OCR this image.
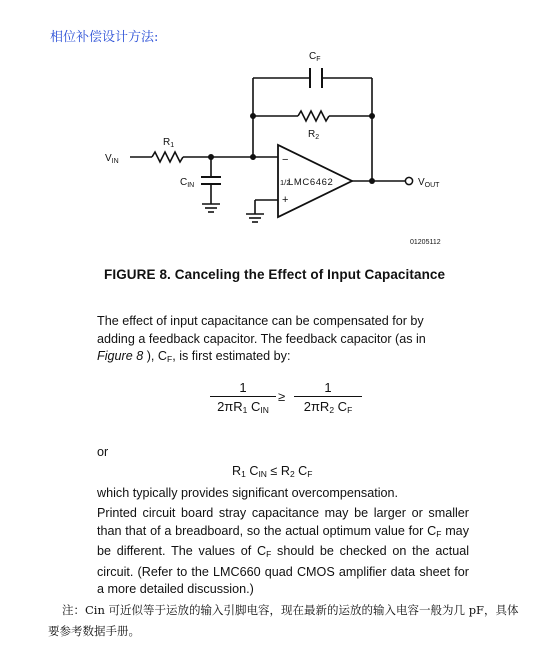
相位补偿设计方法:
$C_F$
$R_2$
$R_1$
$V_{IN}$
$C_{IN}$
−
+
1/2
LMC6462	$V_{OUT}$
01205112
FIGURE 8. Canceling the Effect of Input Capacitance
The effect of input capacitance can be compensated for by
adding a feedback capacitor. The feedback capacitor (as in
Figure 8 ), $C_F$, is first estimated by:
1
$2\pi R_1$ $C_{IN}$
≥ $\frac{1}{2\pi R_2 C_F}$
or
$R_1$ $C_{IN} \le R_2$ $C_F$
which typically provides significant overcompensation.
Printed circuit board stray capacitance may be larger or smaller than that of a breadboard, so the actual optimum value for $C_F$ may be different. The values of $C_F$ should be checked on the actual circuit. (Refer to the LMC660 quad CMOS amplifier data sheet for a more detailed discussion.)
注：Cin 可近似等于运放的输入引脚电容，现在最新的运放的输入电容一般为几 pF，具体要参考数据手册。
